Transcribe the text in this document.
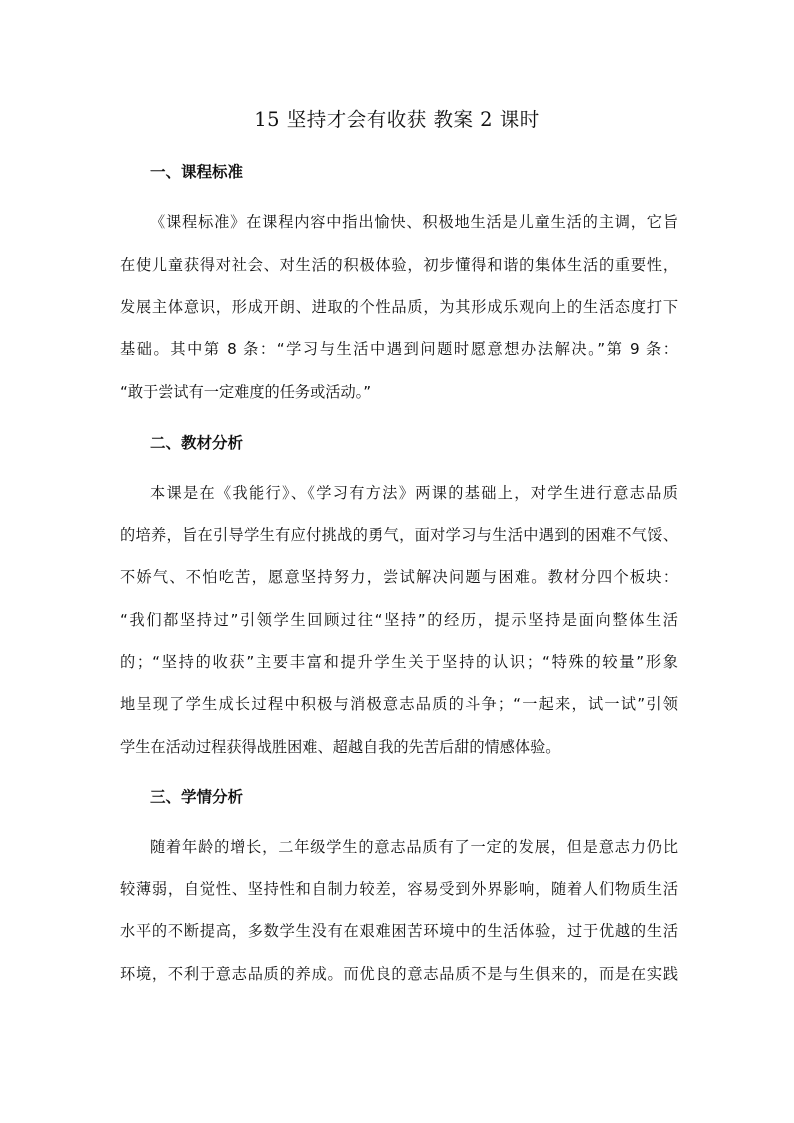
15 坚持才会有收获 教案 2 课时
一、课程标准
《课程标准》在课程内容中指出愉快、积极地生活是儿童生活的主调，它旨
在使儿童获得对社会、对生活的积极体验，初步懂得和谐的集体生活的重要性，
发展主体意识，形成开朗、进取的个性品质，为其形成乐观向上的生活态度打下
基础。其中第 8 条：“学习与生活中遇到问题时愿意想办法解决。”第 9 条：
“敢于尝试有一定难度的任务或活动。”
二、教材分析
本课是在《我能行》、《学习有方法》两课的基础上，对学生进行意志品质
的培养，旨在引导学生有应付挑战的勇气，面对学习与生活中遇到的困难不气馁、
不娇气、不怕吃苦，愿意坚持努力，尝试解决问题与困难。教材分四个板块：
“我们都坚持过”引领学生回顾过往“坚持”的经历，提示坚持是面向整体生活
的；“坚持的收获”主要丰富和提升学生关于坚持的认识；“特殊的较量”形象
地呈现了学生成长过程中积极与消极意志品质的斗争；“一起来，试一试”引领
学生在活动过程获得战胜困难、超越自我的先苦后甜的情感体验。
三、学情分析
随着年龄的增长，二年级学生的意志品质有了一定的发展，但是意志力仍比
较薄弱，自觉性、坚持性和自制力较差，容易受到外界影响，随着人们物质生活
水平的不断提高，多数学生没有在艰难困苦环境中的生活体验，过于优越的生活
环境，不利于意志品质的养成。而优良的意志品质不是与生俱来的，而是在实践
